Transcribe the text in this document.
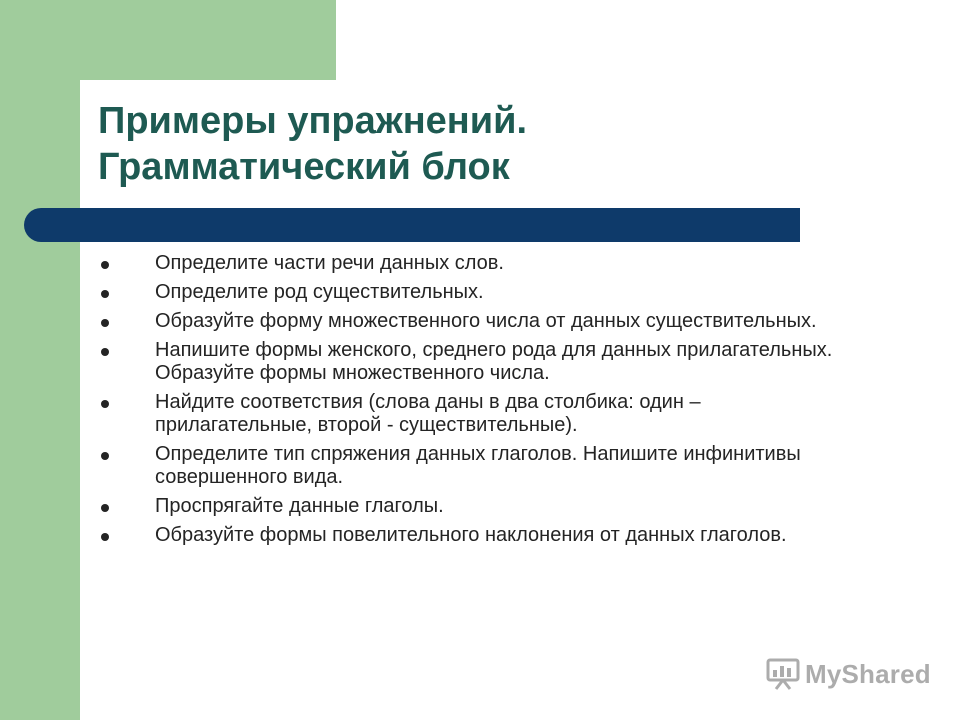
Примеры упражнений.
Грамматический блок
Определите части речи данных слов.
Определите род существительных.
Образуйте форму множественного числа от данных существительных.
Напишите формы женского, среднего рода для данных прилагательных. Образуйте формы множественного числа.
Найдите соответствия (слова даны в два столбика: один – прилагательные, второй - существительные).
Определите тип спряжения данных глаголов. Напишите инфинитивы совершенного вида.
Проспрягайте данные глаголы.
Образуйте формы повелительного наклонения от данных глаголов.
MyShared
